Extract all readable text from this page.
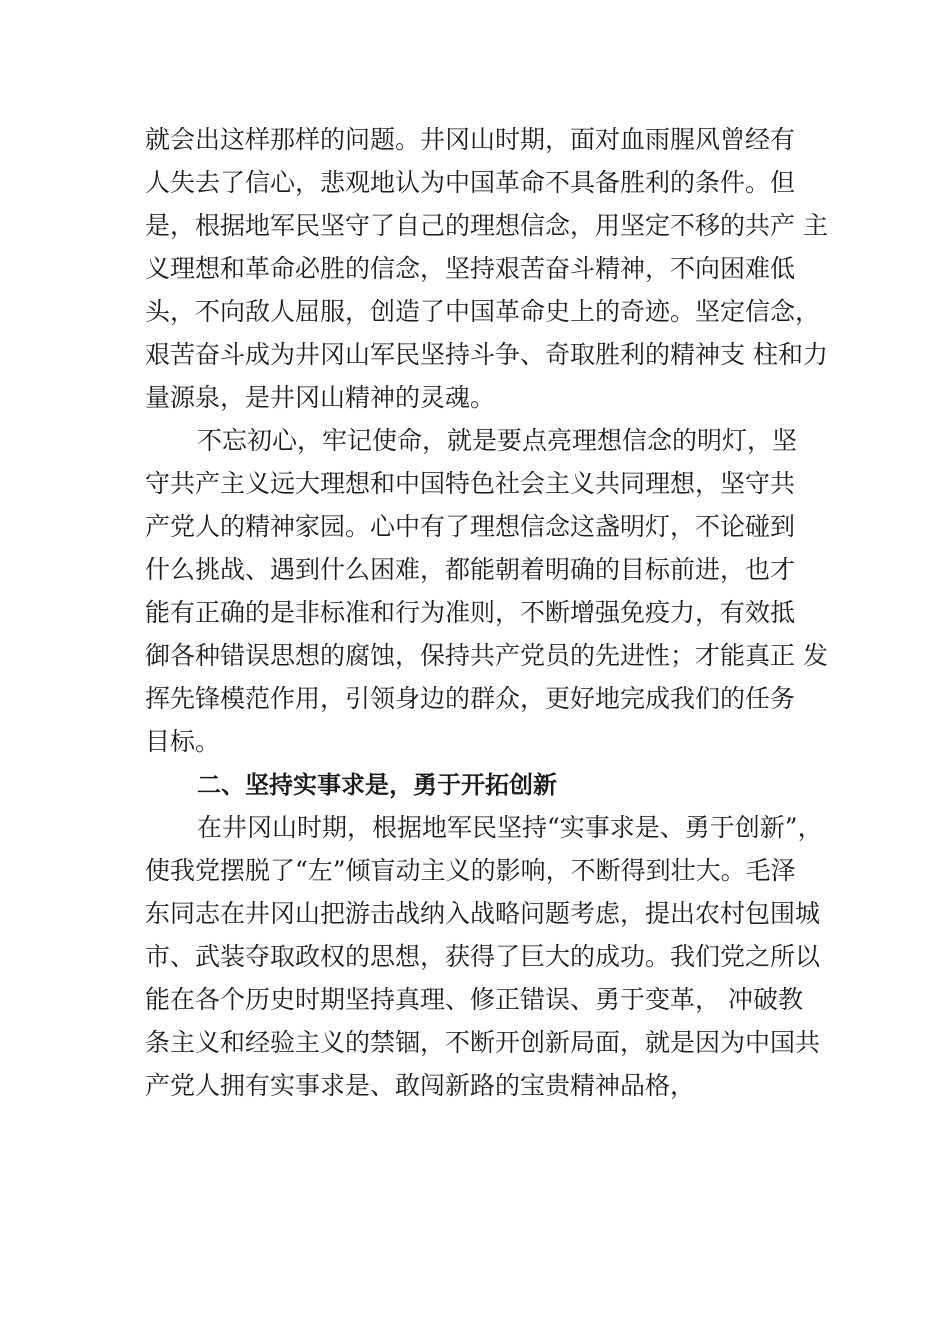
就会出这样那样的问题。井冈山时期，面对血雨腥风曾经有
人失去了信心，悲观地认为中国革命不具备胜利的条件。但
是，根据地军民坚守了自己的理想信念，用坚定不移的共产 主
义理想和革命必胜的信念，坚持艰苦奋斗精神，不向困难低
头，不向敌人屈服，创造了中国革命史上的奇迹。坚定信念，
艰苦奋斗成为井冈山军民坚持斗争、奇取胜利的精神支 柱和力
量源泉，是井冈山精神的灵魂。
不忘初心，牢记使命，就是要点亮理想信念的明灯，坚
守共产主义远大理想和中国特色社会主义共同理想，坚守共
产党人的精神家园。心中有了理想信念这盏明灯，不论碰到
什么挑战、遇到什么困难，都能朝着明确的目标前进，也才
能有正确的是非标准和行为准则，不断增强免疫力，有效抵
御各种错误思想的腐蚀，保持共产党员的先进性；才能真正 发
挥先锋模范作用，引领身边的群众，更好地完成我们的任务
目标。
二、坚持实事求是，勇于开拓创新
在井冈山时期，根据地军民坚持“实事求是、勇于创新”，
使我党摆脱了“左”倾盲动主义的影响，不断得到壮大。毛泽
东同志在井冈山把游击战纳入战略问题考虑，提出农村包围城
市、武装夺取政权的思想，获得了巨大的成功。我们党之所以
能在各个历史时期坚持真理、修正错误、勇于变革， 冲破教
条主义和经验主义的禁锢，不断开创新局面，就是因为中国共
产党人拥有实事求是、敢闯新路的宝贵精神品格，
